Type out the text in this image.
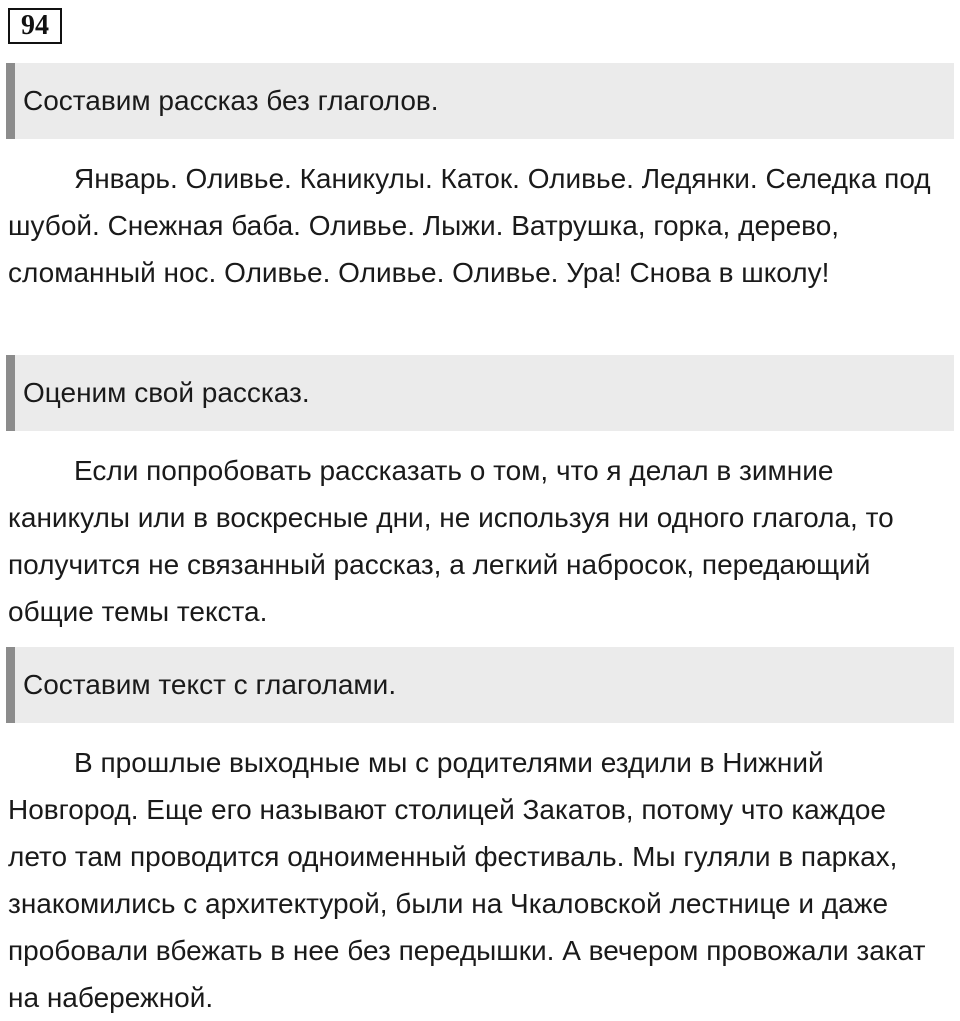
94
Составим рассказ без глаголов.

Январь. Оливье. Каникулы. Каток. Оливье. Ледянки. Селедка под шубой. Снежная баба. Оливье. Лыжи. Ватрушка, горка, дерево, сломанный нос. Оливье. Оливье. Оливье. Ура! Снова в школу!

Оценим свой рассказ.

Если попробовать рассказать о том, что я делал в зимние каникулы или в воскресные дни, не используя ни одного глагола, то получится не связанный рассказ, а легкий набросок, передающий общие темы текста.

Составим текст с глаголами.

В прошлые выходные мы с родителями ездили в Нижний Новгород. Еще его называют столицей Закатов, потому что каждое лето там проводится одноименный фестиваль. Мы гуляли в парках, знакомились с архитектурой, были на Чкаловской лестнице и даже пробовали вбежать в нее без передышки. А вечером провожали закат на набережной.
